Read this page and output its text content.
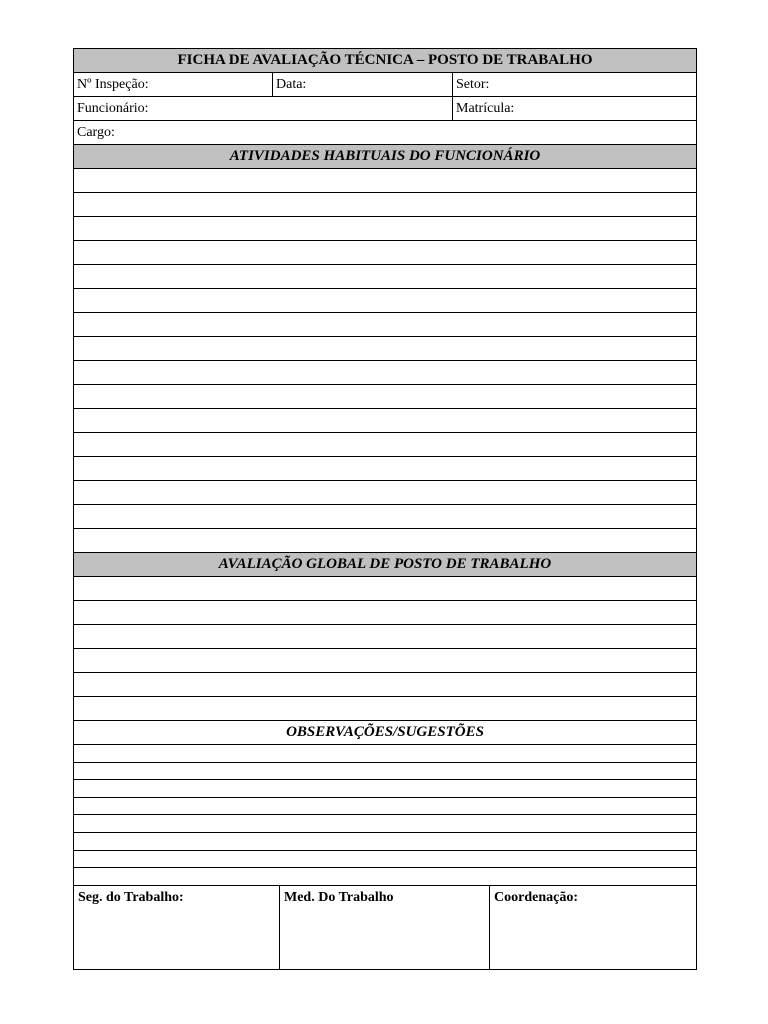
FICHA DE AVALIAÇÃO TÉCNICA – POSTO DE TRABALHO
Nº Inspeção:	Data:	Setor:
Funcionário:	Matrícula:
Cargo:
ATIVIDADES HABITUAIS DO FUNCIONÁRIO
AVALIAÇÃO GLOBAL DE POSTO DE TRABALHO
OBSERVAÇÕES/SUGESTÕES
Seg. do Trabalho:	Med. Do Trabalho	Coordenação:
